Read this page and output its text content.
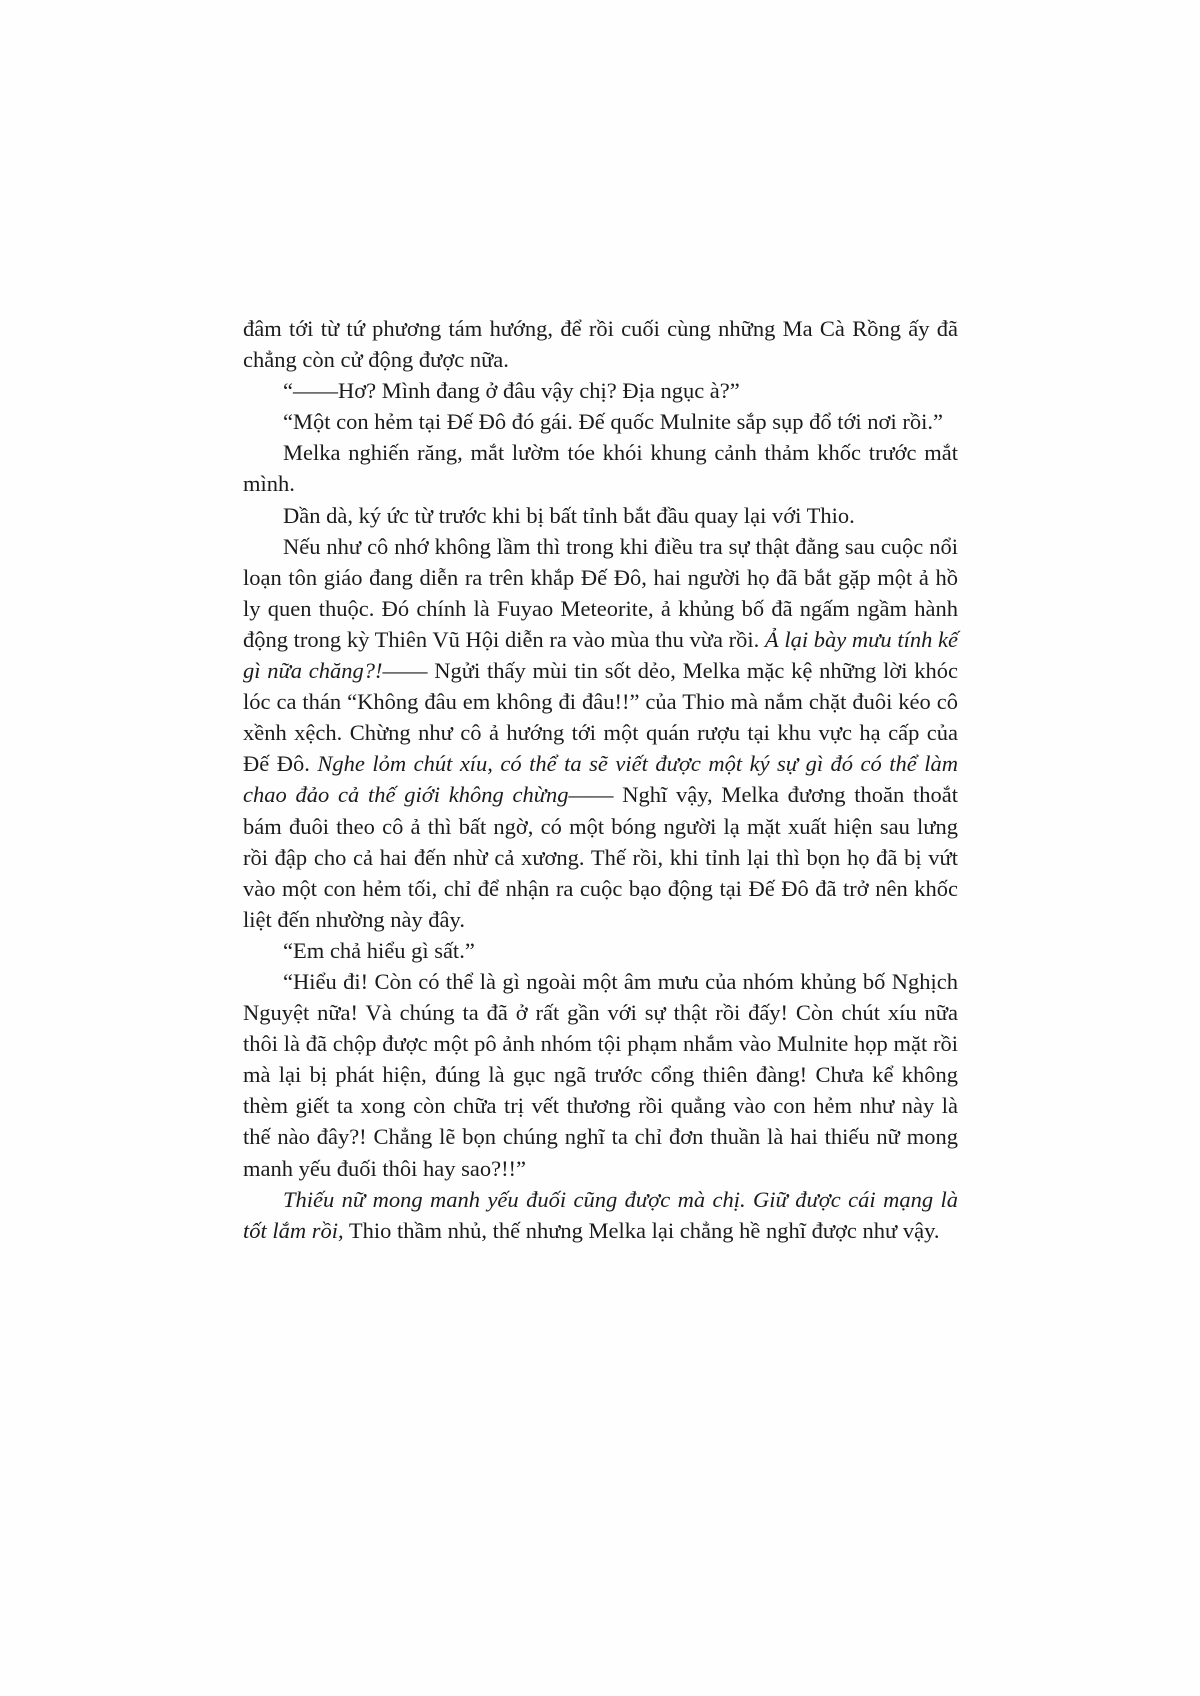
đâm tới từ tứ phương tám hướng, để rồi cuối cùng những Ma Cà Rồng ấy đã chẳng còn cử động được nữa.

“——Hơ? Mình đang ở đâu vậy chị? Địa ngục à?”

“Một con hẻm tại Đế Đô đó gái. Đế quốc Mulnite sắp sụp đổ tới nơi rồi.”

Melka nghiến răng, mắt lườm tóe khói khung cảnh thảm khốc trước mắt mình.

Dần dà, ký ức từ trước khi bị bất tỉnh bắt đầu quay lại với Thio.

Nếu như cô nhớ không lầm thì trong khi điều tra sự thật đằng sau cuộc nổi loạn tôn giáo đang diễn ra trên khắp Đế Đô, hai người họ đã bắt gặp một ả hồ ly quen thuộc. Đó chính là Fuyao Meteorite, ả khủng bố đã ngấm ngầm hành động trong kỳ Thiên Vũ Hội diễn ra vào mùa thu vừa rồi. Ả lại bày mưu tính kế gì nữa chăng?!—— Ngửi thấy mùi tin sốt dẻo, Melka mặc kệ những lời khóc lóc ca thán “Không đâu em không đi đâu!!” của Thio mà nắm chặt đuôi kéo cô xềnh xệch. Chừng như cô ả hướng tới một quán rượu tại khu vực hạ cấp của Đế Đô. Nghe lỏm chút xíu, có thể ta sẽ viết được một ký sự gì đó có thể làm chao đảo cả thế giới không chừng—— Nghĩ vậy, Melka đương thoăn thoắt bám đuôi theo cô ả thì bất ngờ, có một bóng người lạ mặt xuất hiện sau lưng rồi đập cho cả hai đến nhừ cả xương. Thế rồi, khi tỉnh lại thì bọn họ đã bị vứt vào một con hẻm tối, chỉ để nhận ra cuộc bạo động tại Đế Đô đã trở nên khốc liệt đến nhường này đây.

“Em chả hiểu gì sất.”

“Hiểu đi! Còn có thể là gì ngoài một âm mưu của nhóm khủng bố Nghịch Nguyệt nữa! Và chúng ta đã ở rất gần với sự thật rồi đấy! Còn chút xíu nữa thôi là đã chộp được một pô ảnh nhóm tội phạm nhắm vào Mulnite họp mặt rồi mà lại bị phát hiện, đúng là gục ngã trước cổng thiên đàng! Chưa kể không thèm giết ta xong còn chữa trị vết thương rồi quẳng vào con hẻm như này là thế nào đây?! Chẳng lẽ bọn chúng nghĩ ta chỉ đơn thuần là hai thiếu nữ mong manh yếu đuối thôi hay sao?!!”

Thiếu nữ mong manh yếu đuối cũng được mà chị. Giữ được cái mạng là tốt lắm rồi, Thio thầm nhủ, thế nhưng Melka lại chẳng hề nghĩ được như vậy.
